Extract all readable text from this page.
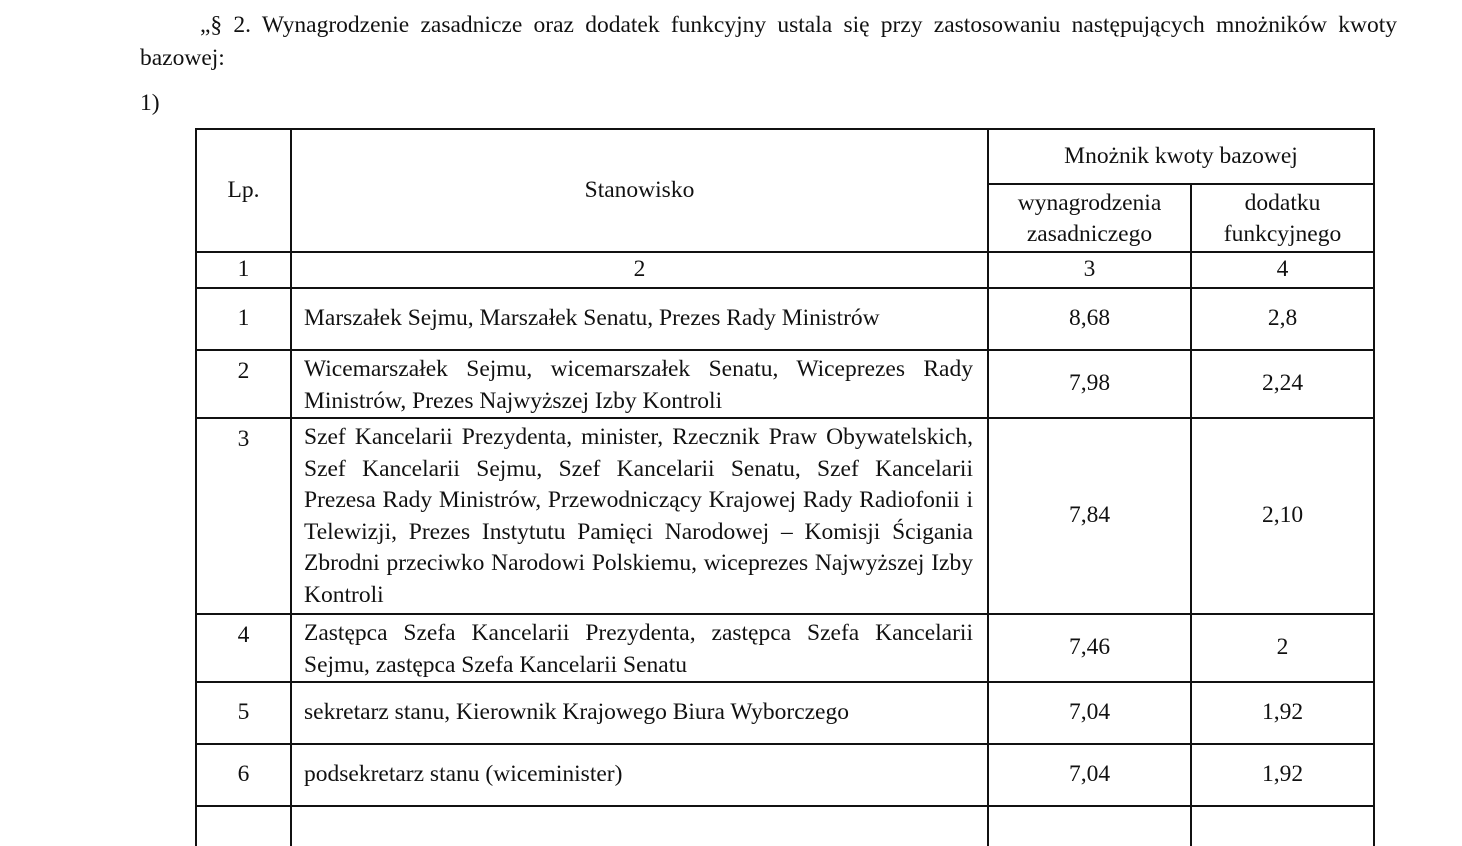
„§ 2. Wynagrodzenie zasadnicze oraz dodatek funkcyjny ustala się przy zastosowaniu następujących mnożników kwoty bazowej:

1)

Lp.	Stanowisko	Mnożnik kwoty bazowej	
		wynagrodzenia zasadniczego	dodatku funkcyjnego
1	2	3	4
1	Marszałek Sejmu, Marszałek Senatu, Prezes Rady Ministrów	8,68	2,8
2	Wicemarszałek Sejmu, wicemarszałek Senatu, Wiceprezes Rady Ministrów, Prezes Najwyższej Izby Kontroli	7,98	2,24
3	Szef Kancelarii Prezydenta, minister, Rzecznik Praw Obywatelskich, Szef Kancelarii Sejmu, Szef Kancelarii Senatu, Szef Kancelarii Prezesa Rady Ministrów, Przewodniczący Krajowej Rady Radiofonii i Telewizji, Prezes Instytutu Pamięci Narodowej – Komisji Ścigania Zbrodni przeciwko Narodowi Polskiemu, wiceprezes Najwyższej Izby Kontroli	7,84	2,10
4	Zastępca Szefa Kancelarii Prezydenta, zastępca Szefa Kancelarii Sejmu, zastępca Szefa Kancelarii Senatu	7,46	2
5	sekretarz stanu, Kierownik Krajowego Biura Wyborczego	7,04	1,92
6	podsekretarz stanu (wiceminister)	7,04	1,92
